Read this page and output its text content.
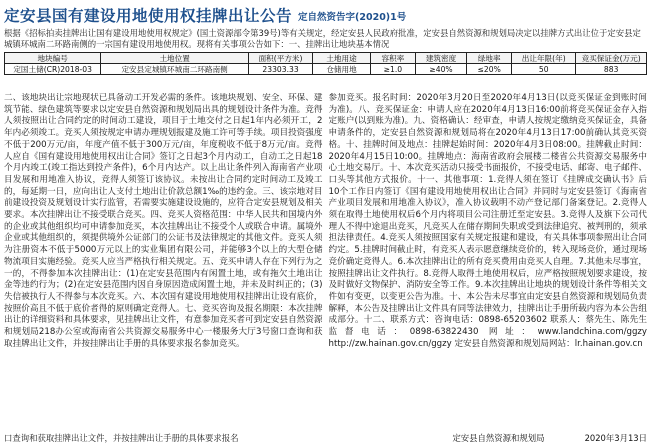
定安县国有建设用地使用权挂牌出让公告 定自然资告字(2020)1号
根据《招标拍卖挂牌出让国有建设用地使用权规定》(国土资源部令第39号)等有关规定，经定安县人民政府批准，定安县自然资源和规划局决定以挂牌方式出让位于定安县定城镇环城南二环路南侧的一宗国有建设用地使用权。现将有关事项公告如下：一、挂牌出让地块基本情况
地块编号	土地位置	面积(平方米)	土地用途	容积率	建筑密度	绿地率	出让年限(年)	竞买保证金(万元)
定国土储(CR)2018-03	定安县定城镇环城南二环路南侧	23303.33	仓储用地	≥1.0	≥40%	≤20%	50	883

二、该地块出让宗地现状已具备动工开发必需的条件。该地块规划、安全、环保、建筑节能、绿色建筑等要求以定安县自然资源和规划局出具的规划设计条件为准。竞得人须按照出让合同约定的时间动工建设，项目于土地交付之日起1年内必须开工，2年内必须竣工。竞买人须按规定申请办理规划报建及施工许可等手续。项目投资强度不低于200万元/亩，年度产值不低于300万元/亩，年度税收不低于8万元/亩。竞得人应自《国有建设用地使用权出让合同》签订之日起3个月内动工，自动工之日起18个月内竣工(竣工指达到投产条件)，6个月内达产。以上出让条件列入海南省产业项目发展和用地准入协议，竞得人须签订该协议。未按出让合同约定时间动工及竣工的，每延期一日，应向出让人支付土地出让价款总额1‰的违约金。三、该宗地对目前建设投资及规划设计实行监管，若需要实施建设设施的，应符合定安县规划及相关要求。本次挂牌出让不接受联合竞买。四、竞买人资格范围：中华人民共和国境内外的企业或其他组织均可申请参加竞买，本次挂牌出让不接受个人或联合申请。属境外企业或其他组织的，须提供境外公证部门的公证书及法律规定的其他文件。竞买人须为注册资本不低于5000万元以上的实业集团有限公司，并能够3个以上的大型仓储物流项目实施经验。竞买人应当严格执行相关规定。五、竞买申请人存在下列行为之一的，不得参加本次挂牌出让：(1)在定安县范围内有闲置土地，或有拖欠土地出让金等违约行为；(2)在定安县范围内因自身原因造成闲置土地，并未及时纠正的；(3)失信被执行人不得参与本次竞买。六、本次国有建设用地使用权挂牌出让设有底价，按照价高且不低于底价者得的原则确定竞得人。七、竞买咨询及报名期限：本次挂牌出让的详细资料和具体要求，见挂牌出让文件，有意参加竞买者可到定安县自然资源和规划局218办公室或海南省公共资源交易服务中心一楼服务大厅3号窗口查询和获取挂牌出让文件，并按挂牌出让手册的具体要求报名参加竞买。

参加竞买。报名时间：2020年3月20日至2020年4月13日(以竞买保证金到账时间为准)。八、竞买保证金：申请人应在2020年4月13日16:00前将竞买保证金存入指定账户(以到账为准)。九、资格确认：经审查，申请人按规定缴纳竞买保证金，具备申请条件的，定安县自然资源和规划局将在2020年4月13日17:00前确认其竞买资格。十、挂牌时间及地点：挂牌起始时间：2020年4月3日08:00。挂牌截止时间：2020年4月15日10:00。挂牌地点：海南省政府会展楼二楼省公共资源交易服务中心土地交易厅。十、本次竞买活动只接受书面报价，不接受电话、邮寄、电子邮件、口头等其他方式报价。十一、其他事项：1.竞得人须在签订《挂牌成交确认书》后10个工作日内签订《国有建设用地使用权出让合同》并同时与定安县签订《海南省产业项目发展和用地准入协议》，准入协议载明不动产登记部门备案登记。2.竞得人须在取得土地使用权后6个月内将项目公司注册迁至定安县。3.竞得人及旗下公司代理人不得中途退出竞买，凡竞买人在储存期间失职或受到法律追究、被判刑的，须承担法律责任。4.竞买人须按照国家有关规定报建和建设，有关具体事项参照出让合同约定。5.挂牌时间截止时，有竞买人表示愿意继续竞价的，转入现场竞价，通过现场竞价确定竞得人。6.本次挂牌出让的所有竞买费用由竞买人自理。7.其他未尽事宜，按照挂牌出让文件执行。8.竞得人取得土地使用权后，应严格按照规划要求建设，按及时做好文物保护、消防安全等工作。9.本次挂牌出让地块的规划设计条件等相关文件如有变更，以变更公告为准。十、本公告未尽事宜由定安县自然资源和规划局负责解释，本公告及挂牌出让文件具有同等法律效力，挂牌出让手册所载内容为本公告组成部分。十二、联系方式：咨询电话：0898-65203602 联系人：蔡先生、陈先生 监督电话：0898-63822430 网址：www.landchina.com/ggzy http://zw.hainan.gov.cn/ggzy 定安县自然资源和规划局网站：lr.hainan.gov.cn

口查询和获取挂牌出让文件，并按挂牌出让手册的具体要求报名	定安县自然资源和规划局	2020年3月13日
